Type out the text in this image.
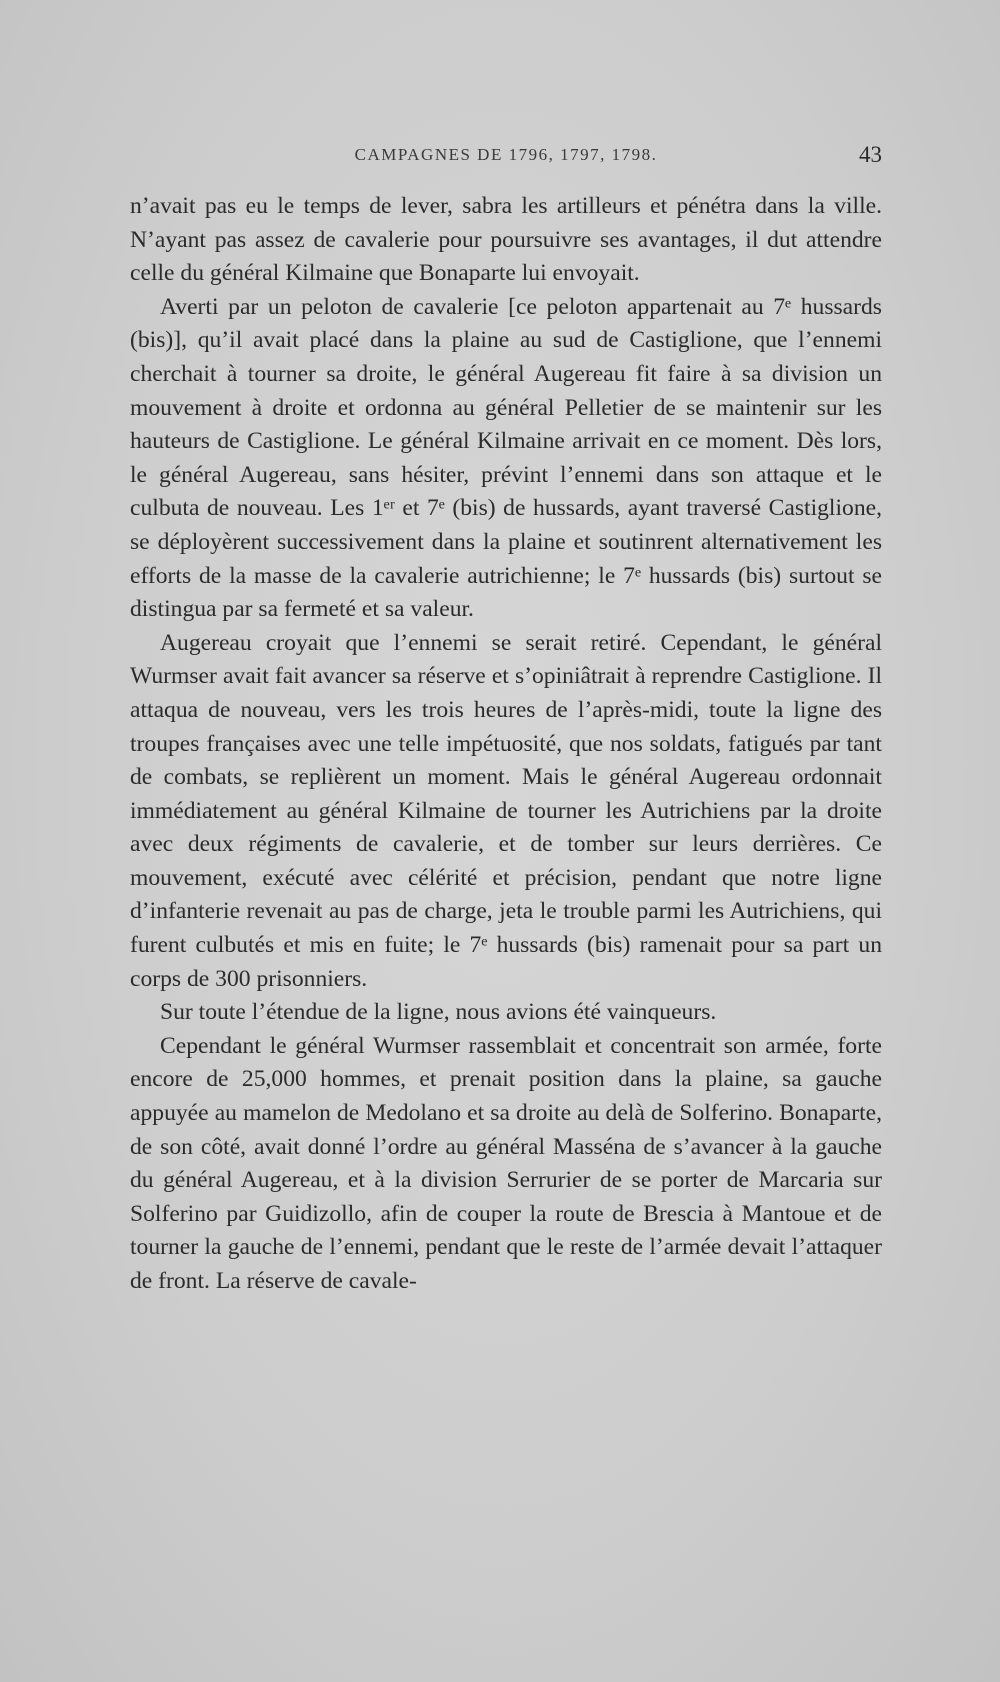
CAMPAGNES DE 1796, 1797, 1798.	43

n’avait pas eu le temps de lever, sabra les artilleurs et pénétra dans la ville. N’ayant pas assez de cavalerie pour poursuivre ses avantages, il dut attendre celle du général Kilmaine que Bonaparte lui envoyait.

Averti par un peloton de cavalerie [ce peloton appartenait au 7ᵉ hussards (bis)], qu’il avait placé dans la plaine au sud de Castiglione, que l’ennemi cherchait à tourner sa droite, le général Augereau fit faire à sa division un mouvement à droite et ordonna au général Pelletier de se maintenir sur les hauteurs de Castiglione. Le général Kilmaine arrivait en ce moment. Dès lors, le général Augereau, sans hésiter, prévint l’ennemi dans son attaque et le culbuta de nouveau. Les 1ᵉʳ et 7ᵉ (bis) de hussards, ayant traversé Castiglione, se déployèrent successivement dans la plaine et soutinrent alternativement les efforts de la masse de la cavalerie autrichienne; le 7ᵉ hussards (bis) surtout se distingua par sa fermeté et sa valeur.

Augereau croyait que l’ennemi se serait retiré. Cependant, le général Wurmser avait fait avancer sa réserve et s’opiniâtrait à reprendre Castiglione. Il attaqua de nouveau, vers les trois heures de l’après-midi, toute la ligne des troupes françaises avec une telle impétuosité, que nos soldats, fatigués par tant de combats, se replièrent un moment. Mais le général Augereau ordonnait immédiatement au général Kilmaine de tourner les Autrichiens par la droite avec deux régiments de cavalerie, et de tomber sur leurs derrières. Ce mouvement, exécuté avec célérité et précision, pendant que notre ligne d’infanterie revenait au pas de charge, jeta le trouble parmi les Autrichiens, qui furent culbutés et mis en fuite; le 7ᵉ hussards (bis) ramenait pour sa part un corps de 300 prisonniers.

Sur toute l’étendue de la ligne, nous avions été vainqueurs.

Cependant le général Wurmser rassemblait et concentrait son armée, forte encore de 25,000 hommes, et prenait position dans la plaine, sa gauche appuyée au mamelon de Medolano et sa droite au delà de Solferino. Bonaparte, de son côté, avait donné l’ordre au général Masséna de s’avancer à la gauche du général Augereau, et à la division Serrurier de se porter de Marcaria sur Solferino par Guidizollo, afin de couper la route de Brescia à Mantoue et de tourner la gauche de l’ennemi, pendant que le reste de l’armée devait l’attaquer de front. La réserve de cavale-
